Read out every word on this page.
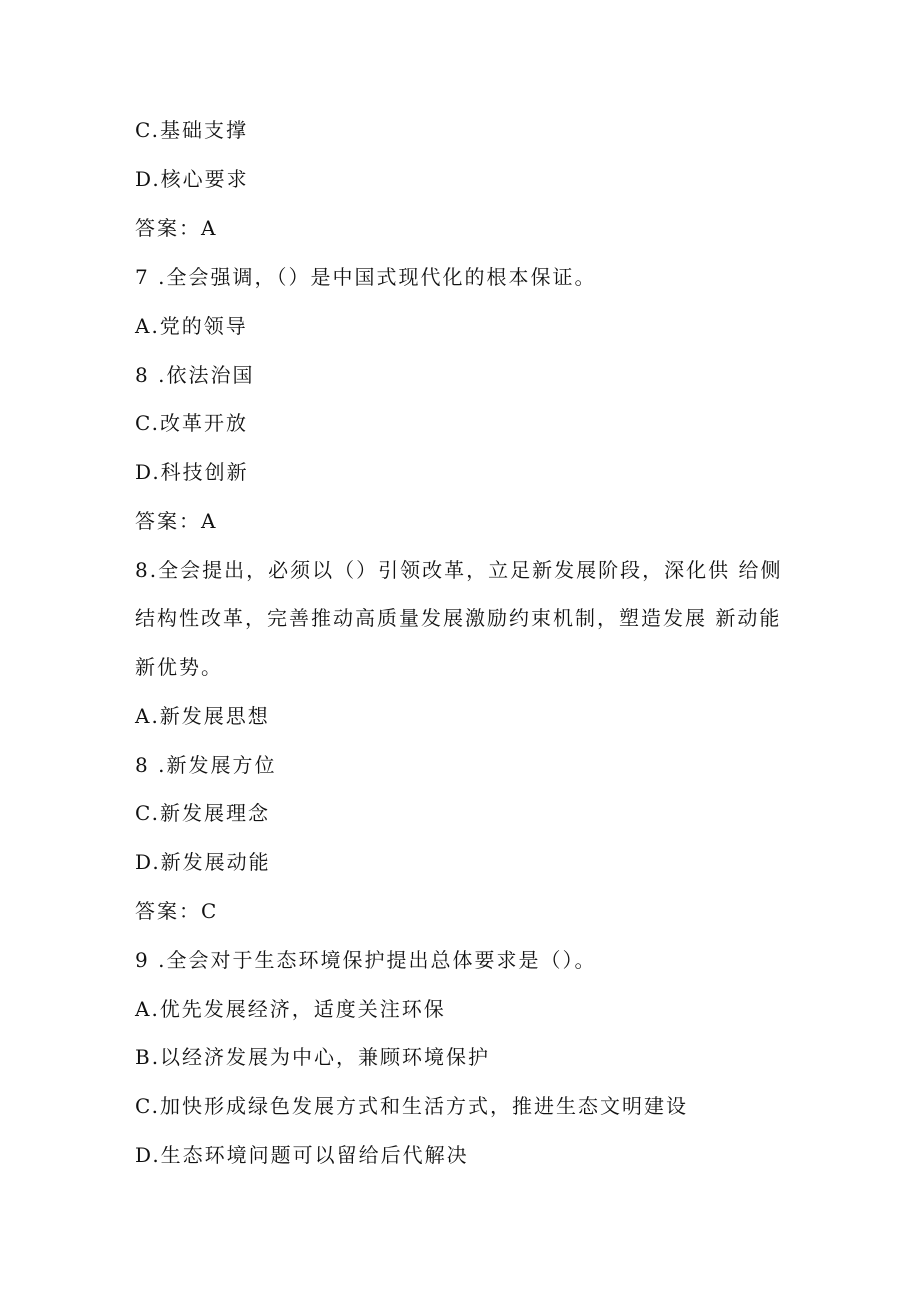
C.基础支撑
D.核心要求
答案：A
7 .全会强调，（）是中国式现代化的根本保证。
A.党的领导
8 .依法治国
C.改革开放
D.科技创新
答案：A
8.全会提出，必须以（）引领改革，立足新发展阶段，深化供 给侧
结构性改革，完善推动高质量发展激励约束机制，塑造发展 新动能
新优势。
A.新发展思想
8 .新发展方位
C.新发展理念
D.新发展动能
答案：C
9 .全会对于生态环境保护提出总体要求是（）。
A.优先发展经济，适度关注环保
B.以经济发展为中心，兼顾环境保护
C.加快形成绿色发展方式和生活方式，推进生态文明建设
D.生态环境问题可以留给后代解决
